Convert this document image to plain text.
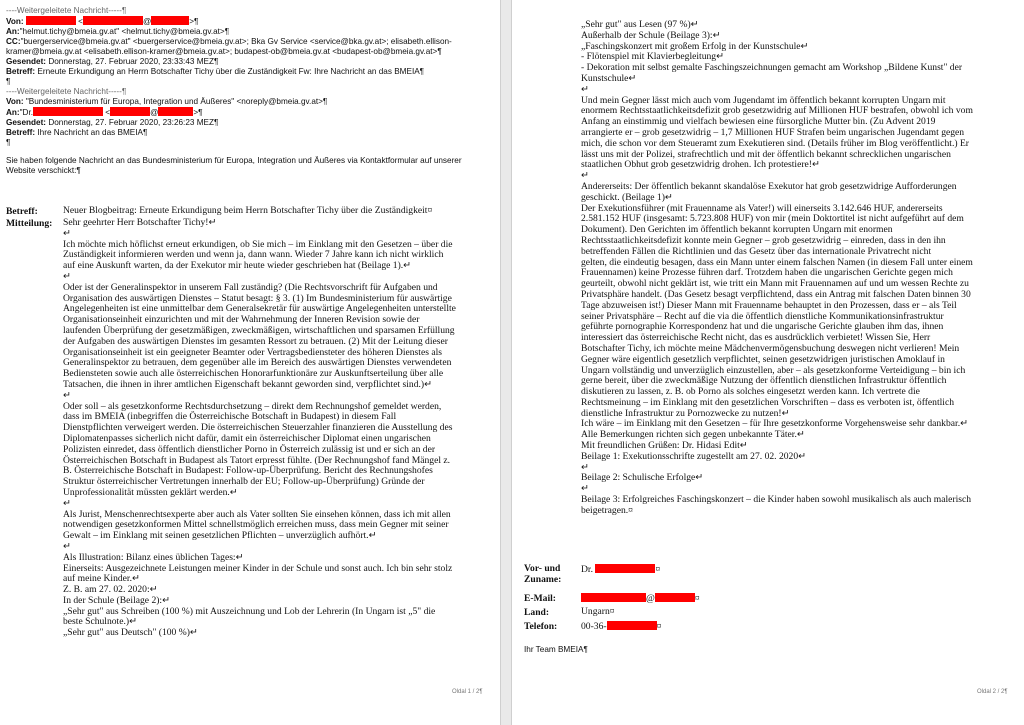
----Weitergeleitete Nachricht-----¶
Von:	<	@	>¶
An:"helmut.tichy@bmeia.gv.at" <helmut.tichy@bmeia.gv.at>¶
CC:"buergerservice@bmeia.gv.at" <buergerservice@bmeia.gv.at>; Bka Gv Service <service@bka.gv.at>; elisabeth.ellison-
kramer@bmeia.gv.at <elisabeth.ellison-kramer@bmeia.gv.at>; budapest-ob@bmeia.gv.at <budapest-ob@bmeia.gv.at>¶
Gesendet: Donnerstag, 27. Februar 2020, 23:33:43 MEZ¶
Betreff: Erneute Erkundigung an Herrn Botschafter Tichy über die Zuständigkeit Fw: Ihre Nachricht an das BMEIA¶
¶
----Weitergeleitete Nachricht-----¶
Von: "Bundesministerium für Europa, Integration und Äußeres" <noreply@bmeia.gv.at>¶
An:"Dr.	<	@	>¶
Gesendet: Donnerstag, 27. Februar 2020, 23:26:23 MEZ¶
Betreff: Ihre Nachricht an das BMEIA¶
¶
Sie haben folgende Nachricht an das Bundesministerium für Europa, Integration und Äußeres via Kontaktformular auf unserer
Website verschickt:¶
Betreff:	Neuer Blogbeitrag: Erneute Erkundigung beim Herrn Botschafter Tichy über die Zuständigkeit¤
Mitteilung: Sehr geehrter Herr Botschafter Tichy!↵
↵
Ich möchte mich höflichst erneut erkundigen, ob Sie mich – im Einklang mit den Gesetzen – über die
Zuständigkeit informieren werden und wenn ja, dann wann. Wieder 7 Jahre kann ich nicht wirklich
auf eine Auskunft warten, da der Exekutor mir heute wieder geschrieben hat (Beilage 1).↵
↵
Oder ist der Generalinspektor in unserem Fall zuständig? (Die Rechtsvorschrift für Aufgaben und
Organisation des auswärtigen Dienstes – Statut besagt: § 3. (1) Im Bundesministerium für auswärtige
Angelegenheiten ist eine unmittelbar dem Generalsekretär für auswärtige Angelegenheiten unterstellte
Organisationseinheit einzurichten und mit der Wahrnehmung der Inneren Revision sowie der
laufenden Überprüfung der gesetzmäßigen, zweckmäßigen, wirtschaftlichen und sparsamen Erfüllung
der Aufgaben des auswärtigen Dienstes im gesamten Ressort zu betrauen. (2) Mit der Leitung dieser
Organisationseinheit ist ein geeigneter Beamter oder Vertragsbediensteter des höheren Dienstes als
Generalinspektor zu betrauen, dem gegenüber alle im Bereich des auswärtigen Dienstes verwendeten
Bediensteten sowie auch alle österreichischen Honorarfunktionäre zur Auskunftserteilung über alle
Tatsachen, die ihnen in ihrer amtlichen Eigenschaft bekannt geworden sind, verpflichtet sind.)↵
↵
Oder soll – als gesetzkonforme Rechtsdurchsetzung – direkt dem Rechnungshof gemeldet werden,
dass im BMEIA (inbegriffen die Österreichische Botschaft in Budapest) in diesem Fall
Dienstpflichten verweigert werden. Die österreichischen Steuerzahler finanzieren die Ausstellung des
Diplomatenpasses sicherlich nicht dafür, damit ein österreichischer Diplomat einen ungarischen
Polizisten einredet, dass öffentlich dienstlicher Porno in Österreich zulässig ist und er sich an der
Österreichischen Botschaft in Budapest als Tatort erpresst fühlte. (Der Rechnungshof fand Mängel z.
B. Österreichische Botschaft in Budapest: Follow-up-Überprüfung. Bericht des Rechnungshofes
Struktur österreichischer Vertretungen innerhalb der EU; Follow-up-Überprüfung) Gründe der
Unprofessionalität müssten geklärt werden.↵
↵
Als Jurist, Menschenrechtsexperte aber auch als Vater sollten Sie einsehen können, dass ich mit allen
notwendigen gesetzkonformen Mittel schnellstmöglich erreichen muss, dass mein Gegner mit seiner
Gewalt – im Einklang mit seinen gesetzlichen Pflichten – unverzüglich aufhört.↵
↵
Als Illustration: Bilanz eines üblichen Tages:↵
Einerseits: Ausgezeichnete Leistungen meiner Kinder in der Schule und sonst auch. Ich bin sehr stolz
auf meine Kinder.↵
Z. B. am 27. 02. 2020:↵
In der Schule (Beilage 2):↵
„Sehr gut" aus Schreiben (100 %) mit Auszeichnung und Lob der Lehrerin (In Ungarn ist „5" die
beste Schulnote.)↵
„Sehr gut" aus Deutsch" (100 %)↵
Oldal 1 / 2¶
„Sehr gut" aus Lesen (97 %)↵
Außerhalb der Schule (Beilage 3):↵
„Faschingskonzert mit großem Erfolg in der Kunstschule↵
- Flötenspiel mit Klavierbegleitung↵
- Dekoration mit selbst gemalte Faschingszeichnungen gemacht am Workshop „Bildene Kunst" der
Kunstschule↵
↵
Und mein Gegner lässt mich auch vom Jugendamt im öffentlich bekannt korrupten Ungarn mit
enormem Rechtsstaatlichkeitsdefizit grob gesetzwidrig auf Millionen HUF bestrafen, obwohl ich vom
Anfang an einstimmig und vielfach bewiesen eine fürsorgliche Mutter bin. (Zu Advent 2019
arrangierte er – grob gesetzwidrig – 1,7 Millionen HUF Strafen beim ungarischen Jugendamt gegen
mich, die schon vor dem Steueramt zum Exekutieren sind. (Details früher im Blog veröffentlicht.) Er
lässt uns mit der Polizei, strafrechtlich und mit der öffentlich bekannt schrecklichen ungarischen
staatlichen Obhut grob gesetzwidrig drohen. Ich protestiere!↵
↵
Andererseits: Der öffentlich bekannt skandalöse Exekutor hat grob gesetzwidrige Aufforderungen
geschickt. (Beilage 1)↵
Der Exekutionsführer (mit Frauenname als Vater!) will einerseits 3.142.646 HUF, andererseits
2.581.152 HUF (insgesamt: 5.723.808 HUF) von mir (mein Doktortitel ist nicht aufgeführt auf dem
Dokument). Den Gerichten im öffentlich bekannt korrupten Ungarn mit enormen
Rechtsstaatlichkeitsdefizit konnte mein Gegner – grob gesetzwidrig – einreden, dass in den ihn
betreffenden Fällen die Richtlinien und das Gesetz über das internationale Privatrecht nicht
gelten, die eindeutig besagen, dass ein Mann unter einem falschen Namen (in diesem Fall unter einem
Frauennamen) keine Prozesse führen darf. Trotzdem haben die ungarischen Gerichte gegen mich
geurteilt, obwohl nicht geklärt ist, wie tritt ein Mann mit Frauennamen auf und um wessen Rechte zu
Privatsphäre handelt. (Das Gesetz besagt verpflichtend, dass ein Antrag mit falschen Daten binnen 30
Tage abzuweisen ist!) Dieser Mann mit Frauenname behauptet in den Prozessen, dass er – als Teil
seiner Privatsphäre – Recht auf die via die öffentlich dienstliche Kommunikationsinfrastruktur
geführte pornographie Korrespondenz hat und die ungarische Gerichte glauben ihm das, ihnen
interessiert das österreichische Recht nicht, das es ausdrücklich verbietet! Wissen Sie, Herr
Botschafter Tichy, ich möchte meine Mädchenvermögensbuchung deswegen nicht verlieren! Mein
Gegner wäre eigentlich gesetzlich verpflichtet, seinen gesetzwidrigen juristischen Amoklauf in
Ungarn vollständig und unverzüglich einzustellen, aber – als gesetzkonforme Verteidigung – bin ich
gerne bereit, über die zweckmäßige Nutzung der öffentlich dienstlichen Infrastruktur öffentlich
diskutieren zu lassen, z. B. ob Porno als solches eingesetzt werden kann. Ich vertrete die
Rechtsmeinung – im Einklang mit den gesetzlichen Vorschriften – dass es verboten ist, öffentlich
dienstliche Infrastruktur zu Pornozwecke zu nutzen!↵
Ich wäre – im Einklang mit den Gesetzen – für Ihre gesetzkonforme Vorgehensweise sehr dankbar.↵
Alle Bemerkungen richten sich gegen unbekannte Täter.↵
Mit freundlichen Grüßen: Dr. Hidasi Edit↵
Beilage 1: Exekutionsschrifte zugestellt am 27. 02. 2020↵
↵
Beilage 2: Schulische Erfolge↵
↵
Beilage 3: Erfolgreiches Faschingskonzert – die Kinder haben sowohl musikalisch als auch malerisch
beigetragen.¤
Vor- und Zuname:
Dr.	¤
E-Mail:	@	¤
Land:	Ungarn¤
Telefon: 00-36-	¤
Ihr Team BMEIA¶
Oldal 2 / 2¶
